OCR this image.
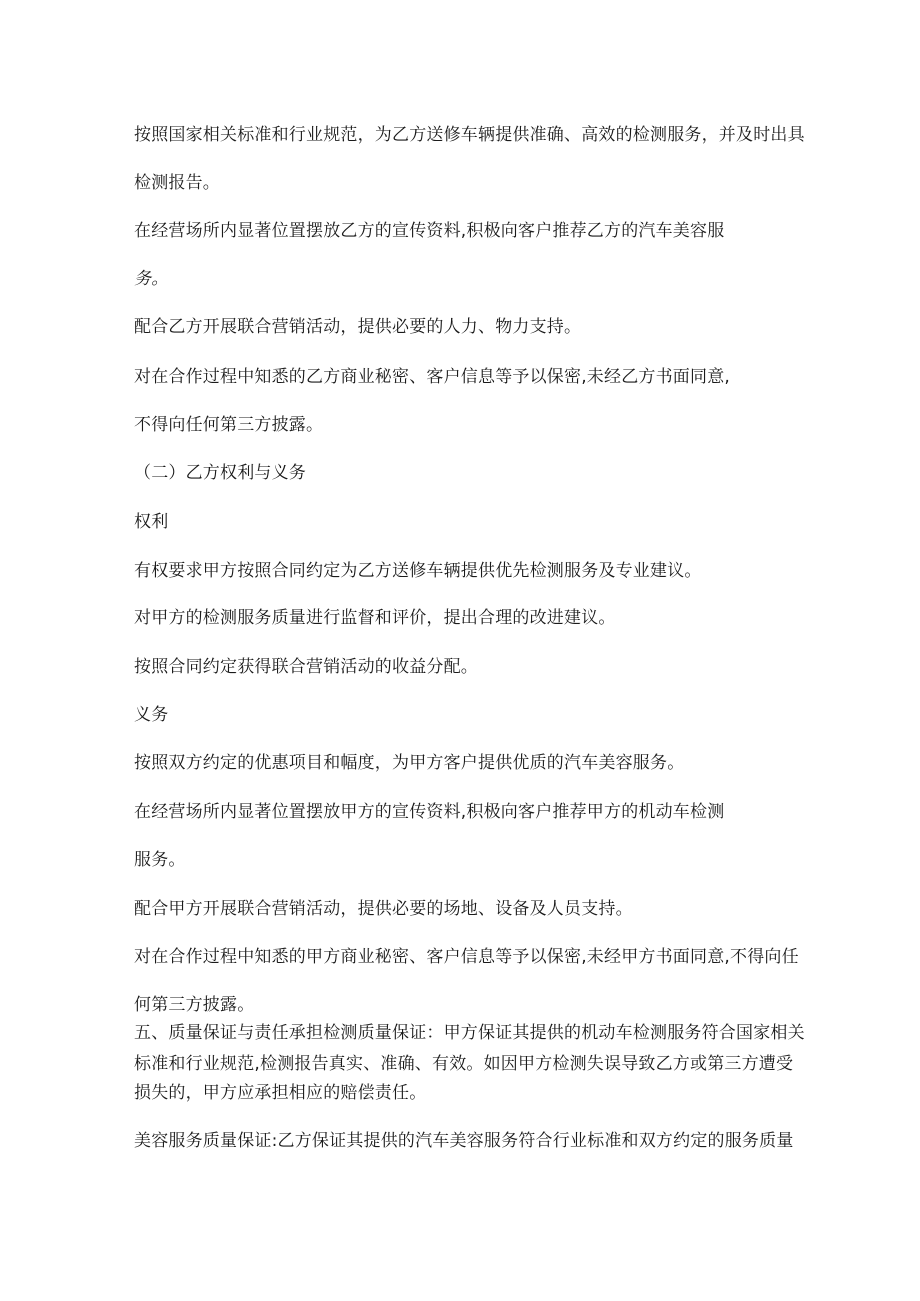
按照国家相关标准和行业规范，为乙方送修车辆提供准确、高效的检测服务，并及时出具
检测报告。
在经营场所内显著位置摆放乙方的宣传资料,积极向客户推荐乙方的汽车美容服
务。
配合乙方开展联合营销活动，提供必要的人力、物力支持。
对在合作过程中知悉的乙方商业秘密、客户信息等予以保密,未经乙方书面同意,
不得向任何第三方披露。
（二）乙方权利与义务
权利
有权要求甲方按照合同约定为乙方送修车辆提供优先检测服务及专业建议。
对甲方的检测服务质量进行监督和评价，提出合理的改进建议。
按照合同约定获得联合营销活动的收益分配。
义务
按照双方约定的优惠项目和幅度，为甲方客户提供优质的汽车美容服务。
在经营场所内显著位置摆放甲方的宣传资料,积极向客户推荐甲方的机动车检测
服务。
配合甲方开展联合营销活动，提供必要的场地、设备及人员支持。
对在合作过程中知悉的甲方商业秘密、客户信息等予以保密,未经甲方书面同意,不得向任
何第三方披露。
五、质量保证与责任承担检测质量保证：甲方保证其提供的机动车检测服务符合国家相关
标准和行业规范,检测报告真实、准确、有效。如因甲方检测失误导致乙方或第三方遭受
损失的，甲方应承担相应的赔偿责任。
美容服务质量保证:乙方保证其提供的汽车美容服务符合行业标准和双方约定的服务质量
